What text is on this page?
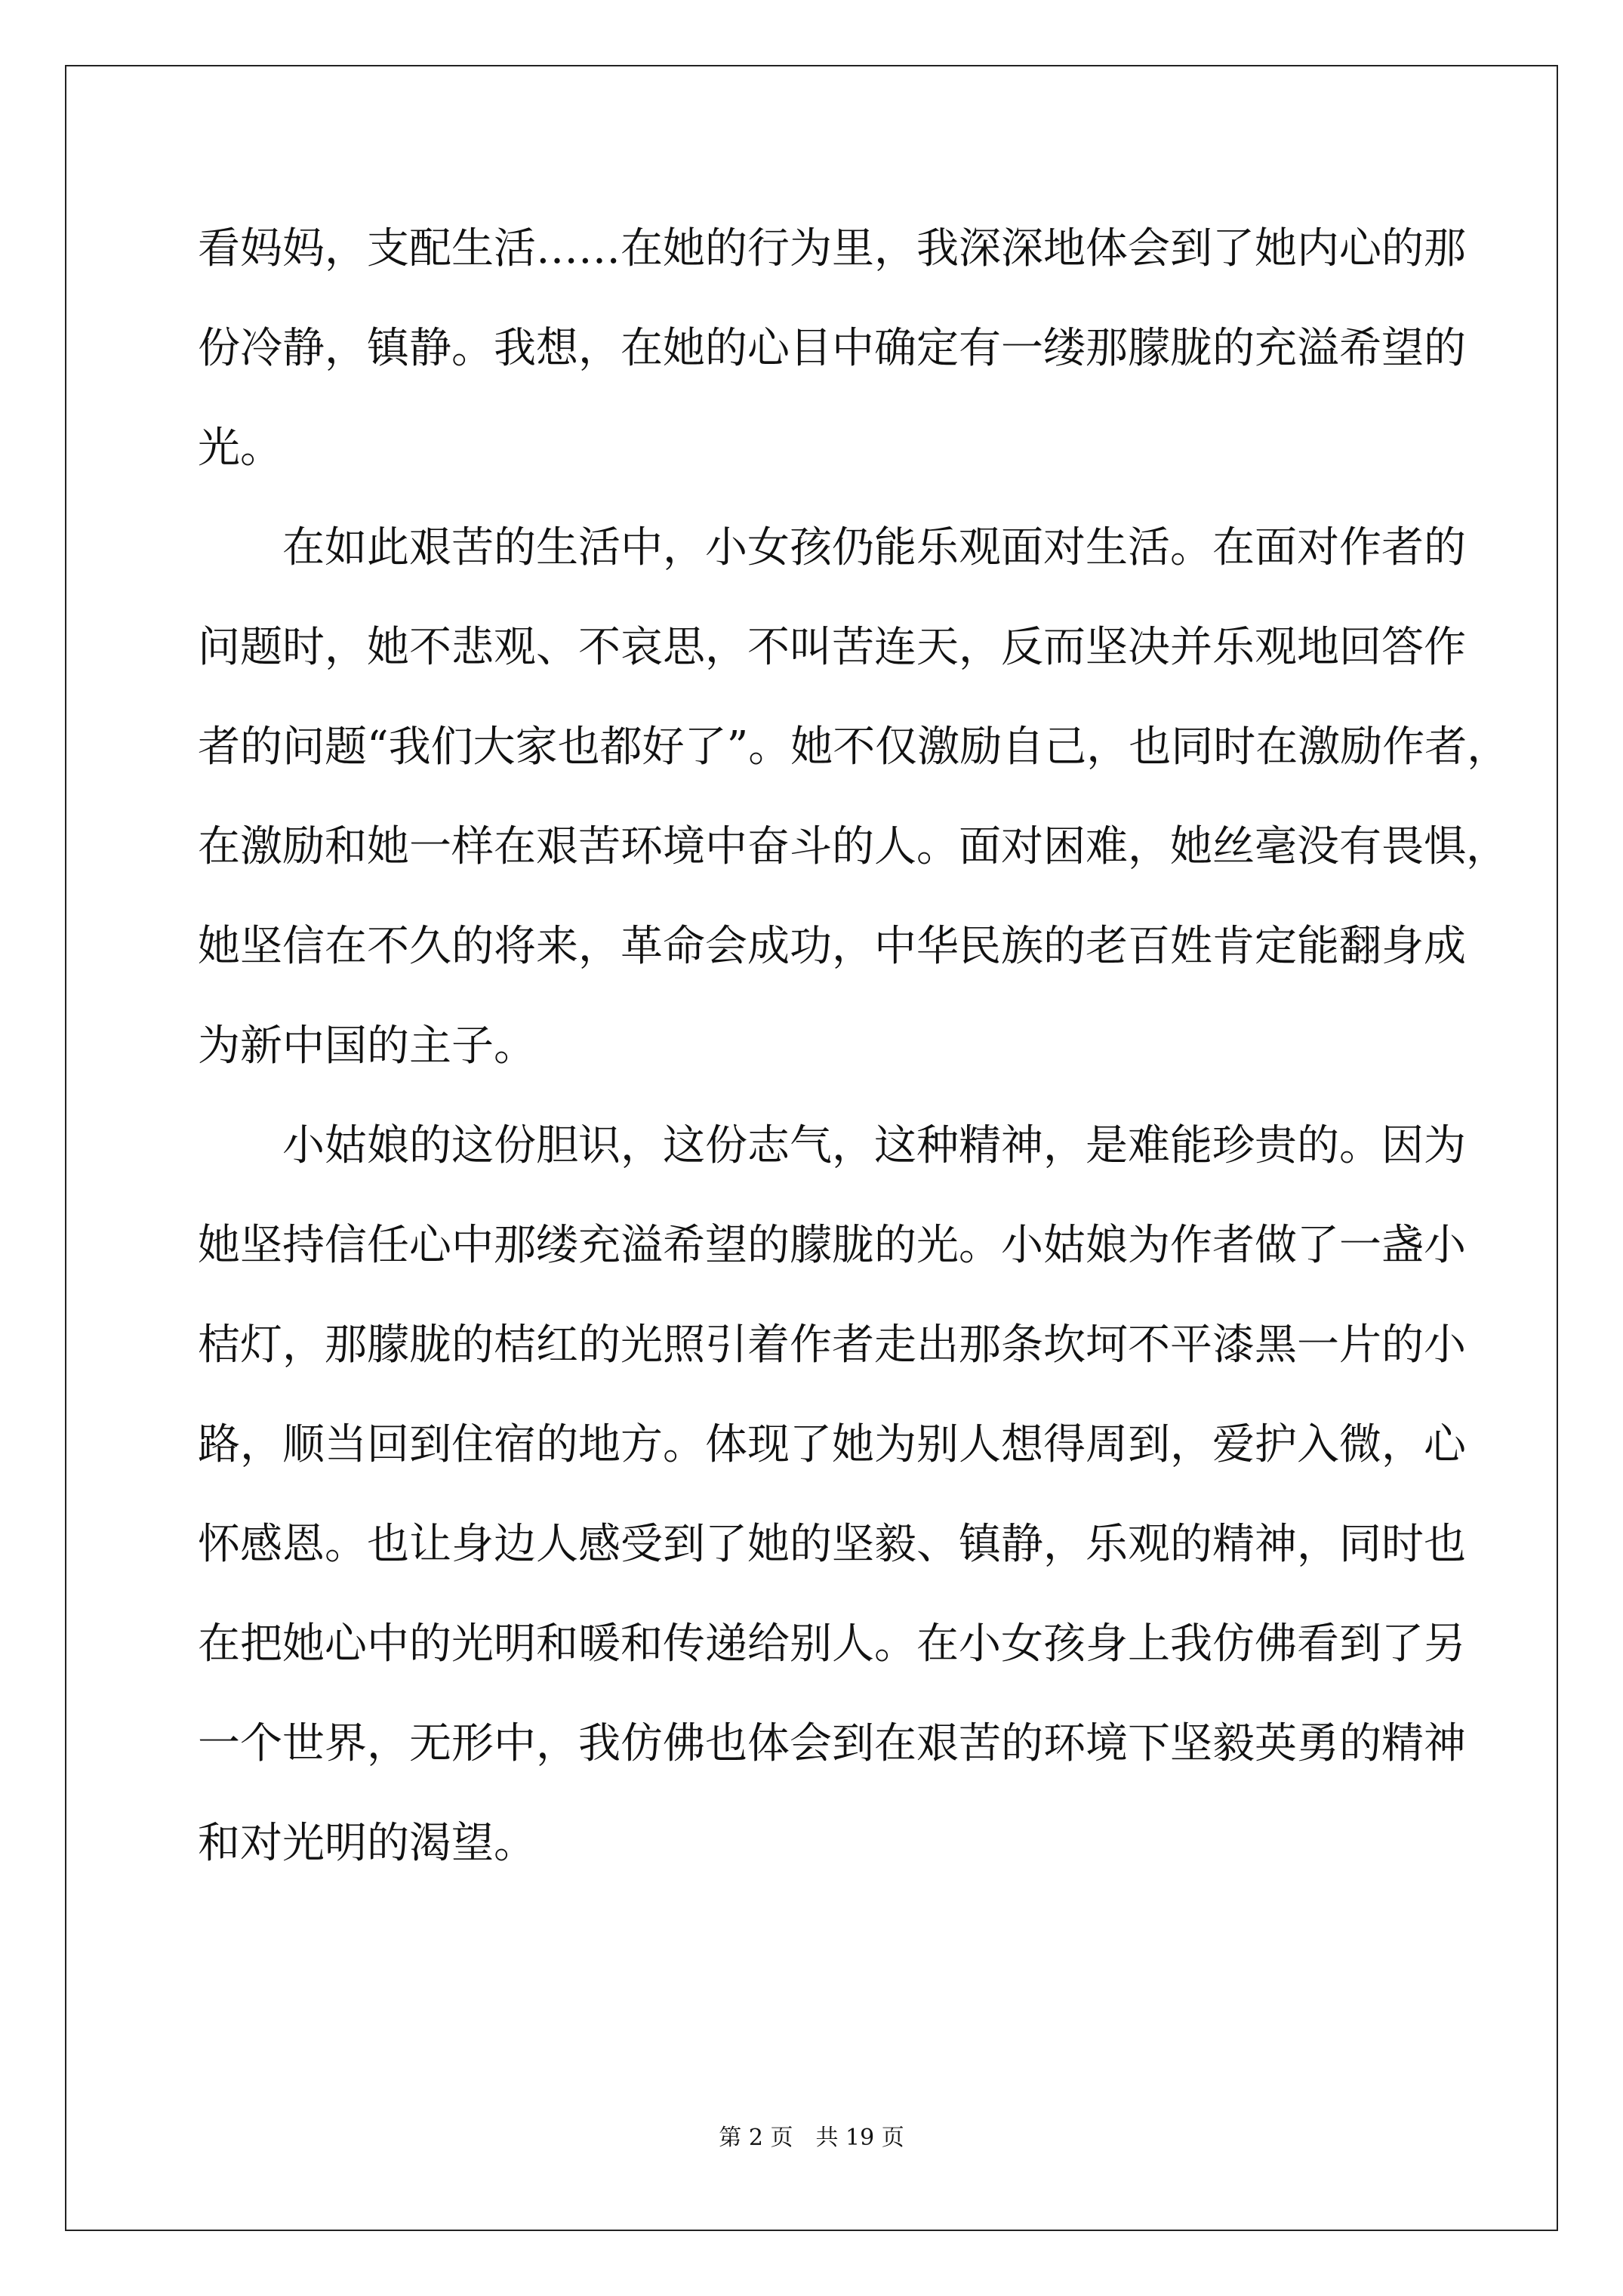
看妈妈，支配生活……在她的行为里，我深深地体会到了她内心的那
份冷静，镇静。我想，在她的心目中确定有一缕那朦胧的充溢希望的
光。
在如此艰苦的生活中，小女孩仍能乐观面对生活。在面对作者的
问题时，她不悲观、不哀思，不叫苦连天，反而坚决并乐观地回答作
者的问题“我们大家也都好了”。她不仅激励自己，也同时在激励作者，
在激励和她一样在艰苦环境中奋斗的人。面对困难，她丝毫没有畏惧，
她坚信在不久的将来，革命会成功，中华民族的老百姓肯定能翻身成
为新中国的主子。
小姑娘的这份胆识，这份志气，这种精神，是难能珍贵的。因为
她坚持信任心中那缕充溢希望的朦胧的光。小姑娘为作者做了一盏小
桔灯，那朦胧的桔红的光照引着作者走出那条坎坷不平漆黑一片的小
路，顺当回到住宿的地方。体现了她为别人想得周到，爱护入微，心
怀感恩。也让身边人感受到了她的坚毅、镇静，乐观的精神，同时也
在把她心中的光明和暖和传递给别人。在小女孩身上我仿佛看到了另
一个世界，无形中，我仿佛也体会到在艰苦的环境下坚毅英勇的精神
和对光明的渴望。
第 2 页　共 19 页
